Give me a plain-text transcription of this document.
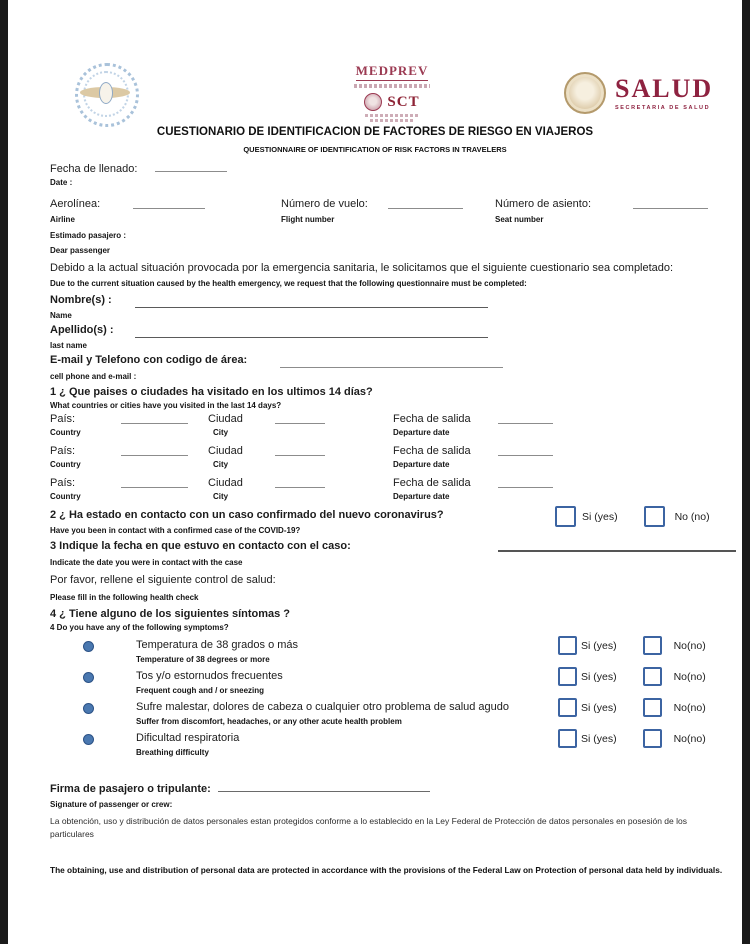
MEDPREV
SCT	SALUD
SECRETARIA DE SALUD
CUESTIONARIO DE IDENTIFICACION DE FACTORES DE RIESGO EN VIAJEROS
QUESTIONNAIRE OF IDENTIFICATION OF RISK FACTORS IN TRAVELERS
Fecha de llenado:
Date :
Aerolínea:	Número de vuelo:	Número de asiento:
Airline	Flight number	Seat number
Estimado pasajero :
Dear passenger
Debido a la actual situación provocada por la emergencia sanitaria, le solicitamos que el siguiente cuestionario sea completado:
Due to the current situation caused by the health emergency, we request that the following questionnaire must be completed:
Nombre(s) :
Name
Apellido(s) :
last name
E-mail y Telefono con codigo de área:
cell phone and e-mail :
1 ¿ Que paises o ciudades ha visitado en los ultimos 14 días?
What countries or cities have you visited in the last 14 days?
País:	Ciudad	Fecha de salida
Country	City	Departure date
País:	Ciudad	Fecha de salida
Country	City	Departure date
País:	Ciudad	Fecha de salida
Country	City	Departure date
2 ¿ Ha estado en contacto con un caso confirmado del nuevo coronavirus?	Si (yes)	No (no)
Have you been in contact with a confirmed case of the COVID-19?
3 Indique la fecha en que estuvo en contacto con el caso:
Indicate the date you were in contact with the case
Por favor, rellene el siguiente control de salud:
Please fill in the following health check
4 ¿ Tiene alguno de los siguientes síntomas ?
4 Do you have any of the following symptoms?
Temperatura de 38 grados o más	Si (yes)	No(no)
Temperature of 38 degrees or more
Tos y/o estornudos frecuentes	Si (yes)	No(no)
Frequent cough and / or sneezing
Sufre malestar, dolores de cabeza o cualquier otro problema de salud agudo	Si (yes)	No(no)
Suffer from discomfort, headaches, or any other acute health problem
Dificultad respiratoria	Si (yes)	No(no)
Breathing difficulty
Firma de pasajero o tripulante:
Signature of passenger or crew:
La obtención, uso y distribución de datos personales estan protegidos conforme a lo establecido en la Ley Federal de Protección de datos personales en posesión de los particulares
The obtaining, use and distribution of personal data are protected in accordance with the provisions of the Federal Law on Protection of personal data held by individuals.
